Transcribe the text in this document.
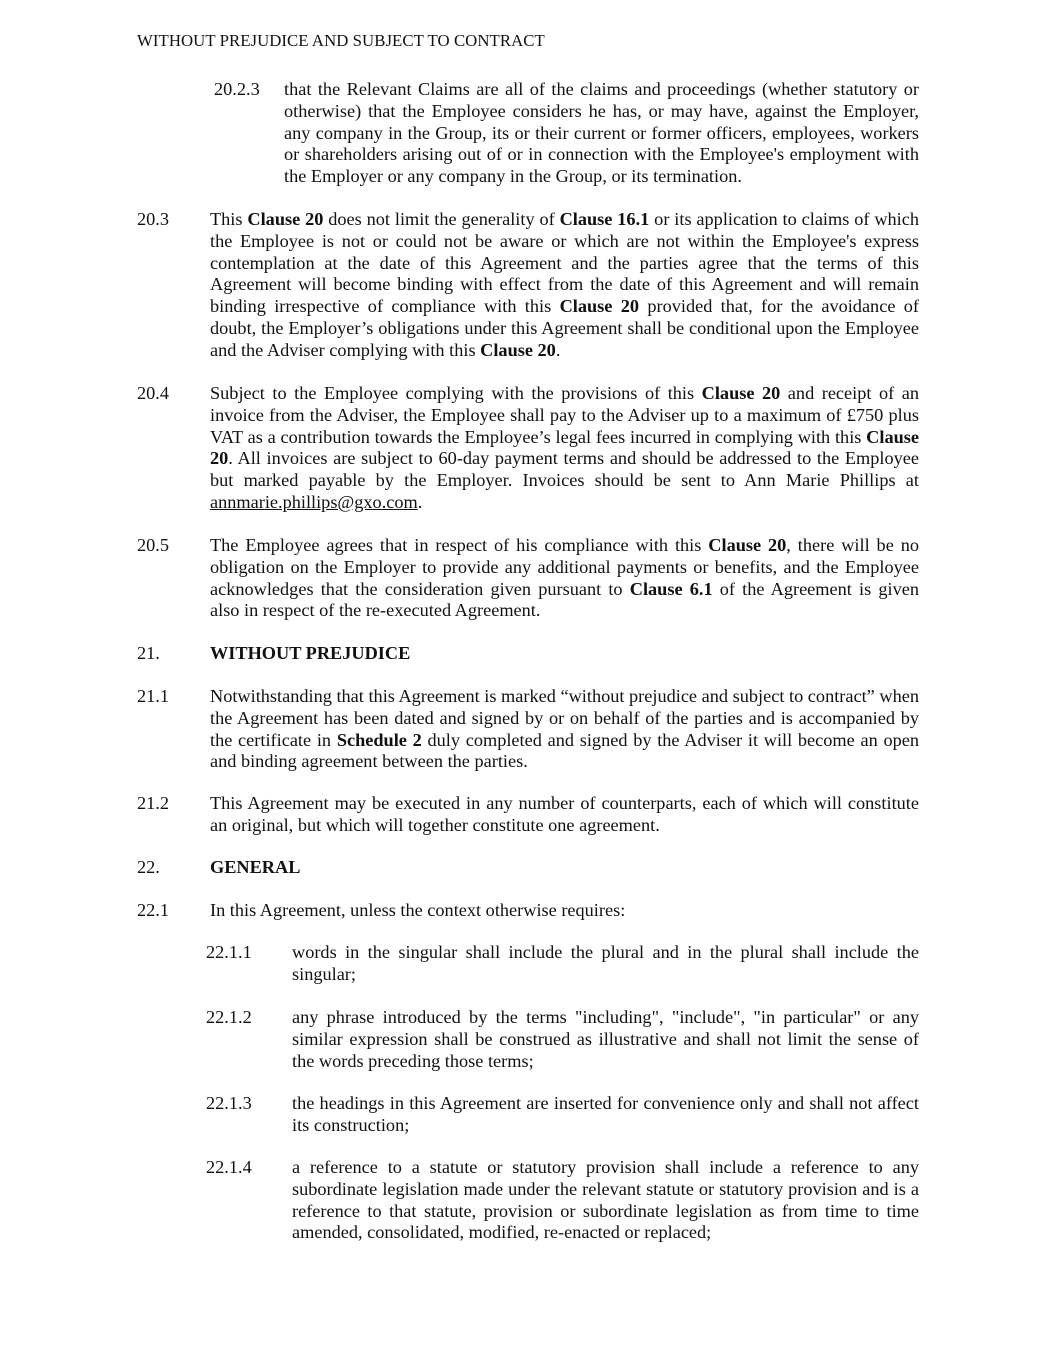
WITHOUT PREJUDICE AND SUBJECT TO CONTRACT
20.2.3 that the Relevant Claims are all of the claims and proceedings (whether statutory or otherwise) that the Employee considers he has, or may have, against the Employer, any company in the Group, its or their current or former officers, employees, workers or shareholders arising out of or in connection with the Employee's employment with the Employer or any company in the Group, or its termination.
20.3 This Clause 20 does not limit the generality of Clause 16.1 or its application to claims of which the Employee is not or could not be aware or which are not within the Employee's express contemplation at the date of this Agreement and the parties agree that the terms of this Agreement will become binding with effect from the date of this Agreement and will remain binding irrespective of compliance with this Clause 20 provided that, for the avoidance of doubt, the Employer’s obligations under this Agreement shall be conditional upon the Employee and the Adviser complying with this Clause 20.
20.4 Subject to the Employee complying with the provisions of this Clause 20 and receipt of an invoice from the Adviser, the Employee shall pay to the Adviser up to a maximum of £750 plus VAT as a contribution towards the Employee’s legal fees incurred in complying with this Clause 20. All invoices are subject to 60-day payment terms and should be addressed to the Employee but marked payable by the Employer. Invoices should be sent to Ann Marie Phillips at annmarie.phillips@gxo.com.
20.5 The Employee agrees that in respect of his compliance with this Clause 20, there will be no obligation on the Employer to provide any additional payments or benefits, and the Employee acknowledges that the consideration given pursuant to Clause 6.1 of the Agreement is given also in respect of the re-executed Agreement.
21.	WITHOUT PREJUDICE
21.1 Notwithstanding that this Agreement is marked “without prejudice and subject to contract” when the Agreement has been dated and signed by or on behalf of the parties and is accompanied by the certificate in Schedule 2 duly completed and signed by the Adviser it will become an open and binding agreement between the parties.
21.2 This Agreement may be executed in any number of counterparts, each of which will constitute an original, but which will together constitute one agreement.
22.	GENERAL
22.1 In this Agreement, unless the context otherwise requires:
22.1.1 words in the singular shall include the plural and in the plural shall include the singular;
22.1.2 any phrase introduced by the terms "including", "include", "in particular" or any similar expression shall be construed as illustrative and shall not limit the sense of the words preceding those terms;
22.1.3 the headings in this Agreement are inserted for convenience only and shall not affect its construction;
22.1.4 a reference to a statute or statutory provision shall include a reference to any subordinate legislation made under the relevant statute or statutory provision and is a reference to that statute, provision or subordinate legislation as from time to time amended, consolidated, modified, re-enacted or replaced;
